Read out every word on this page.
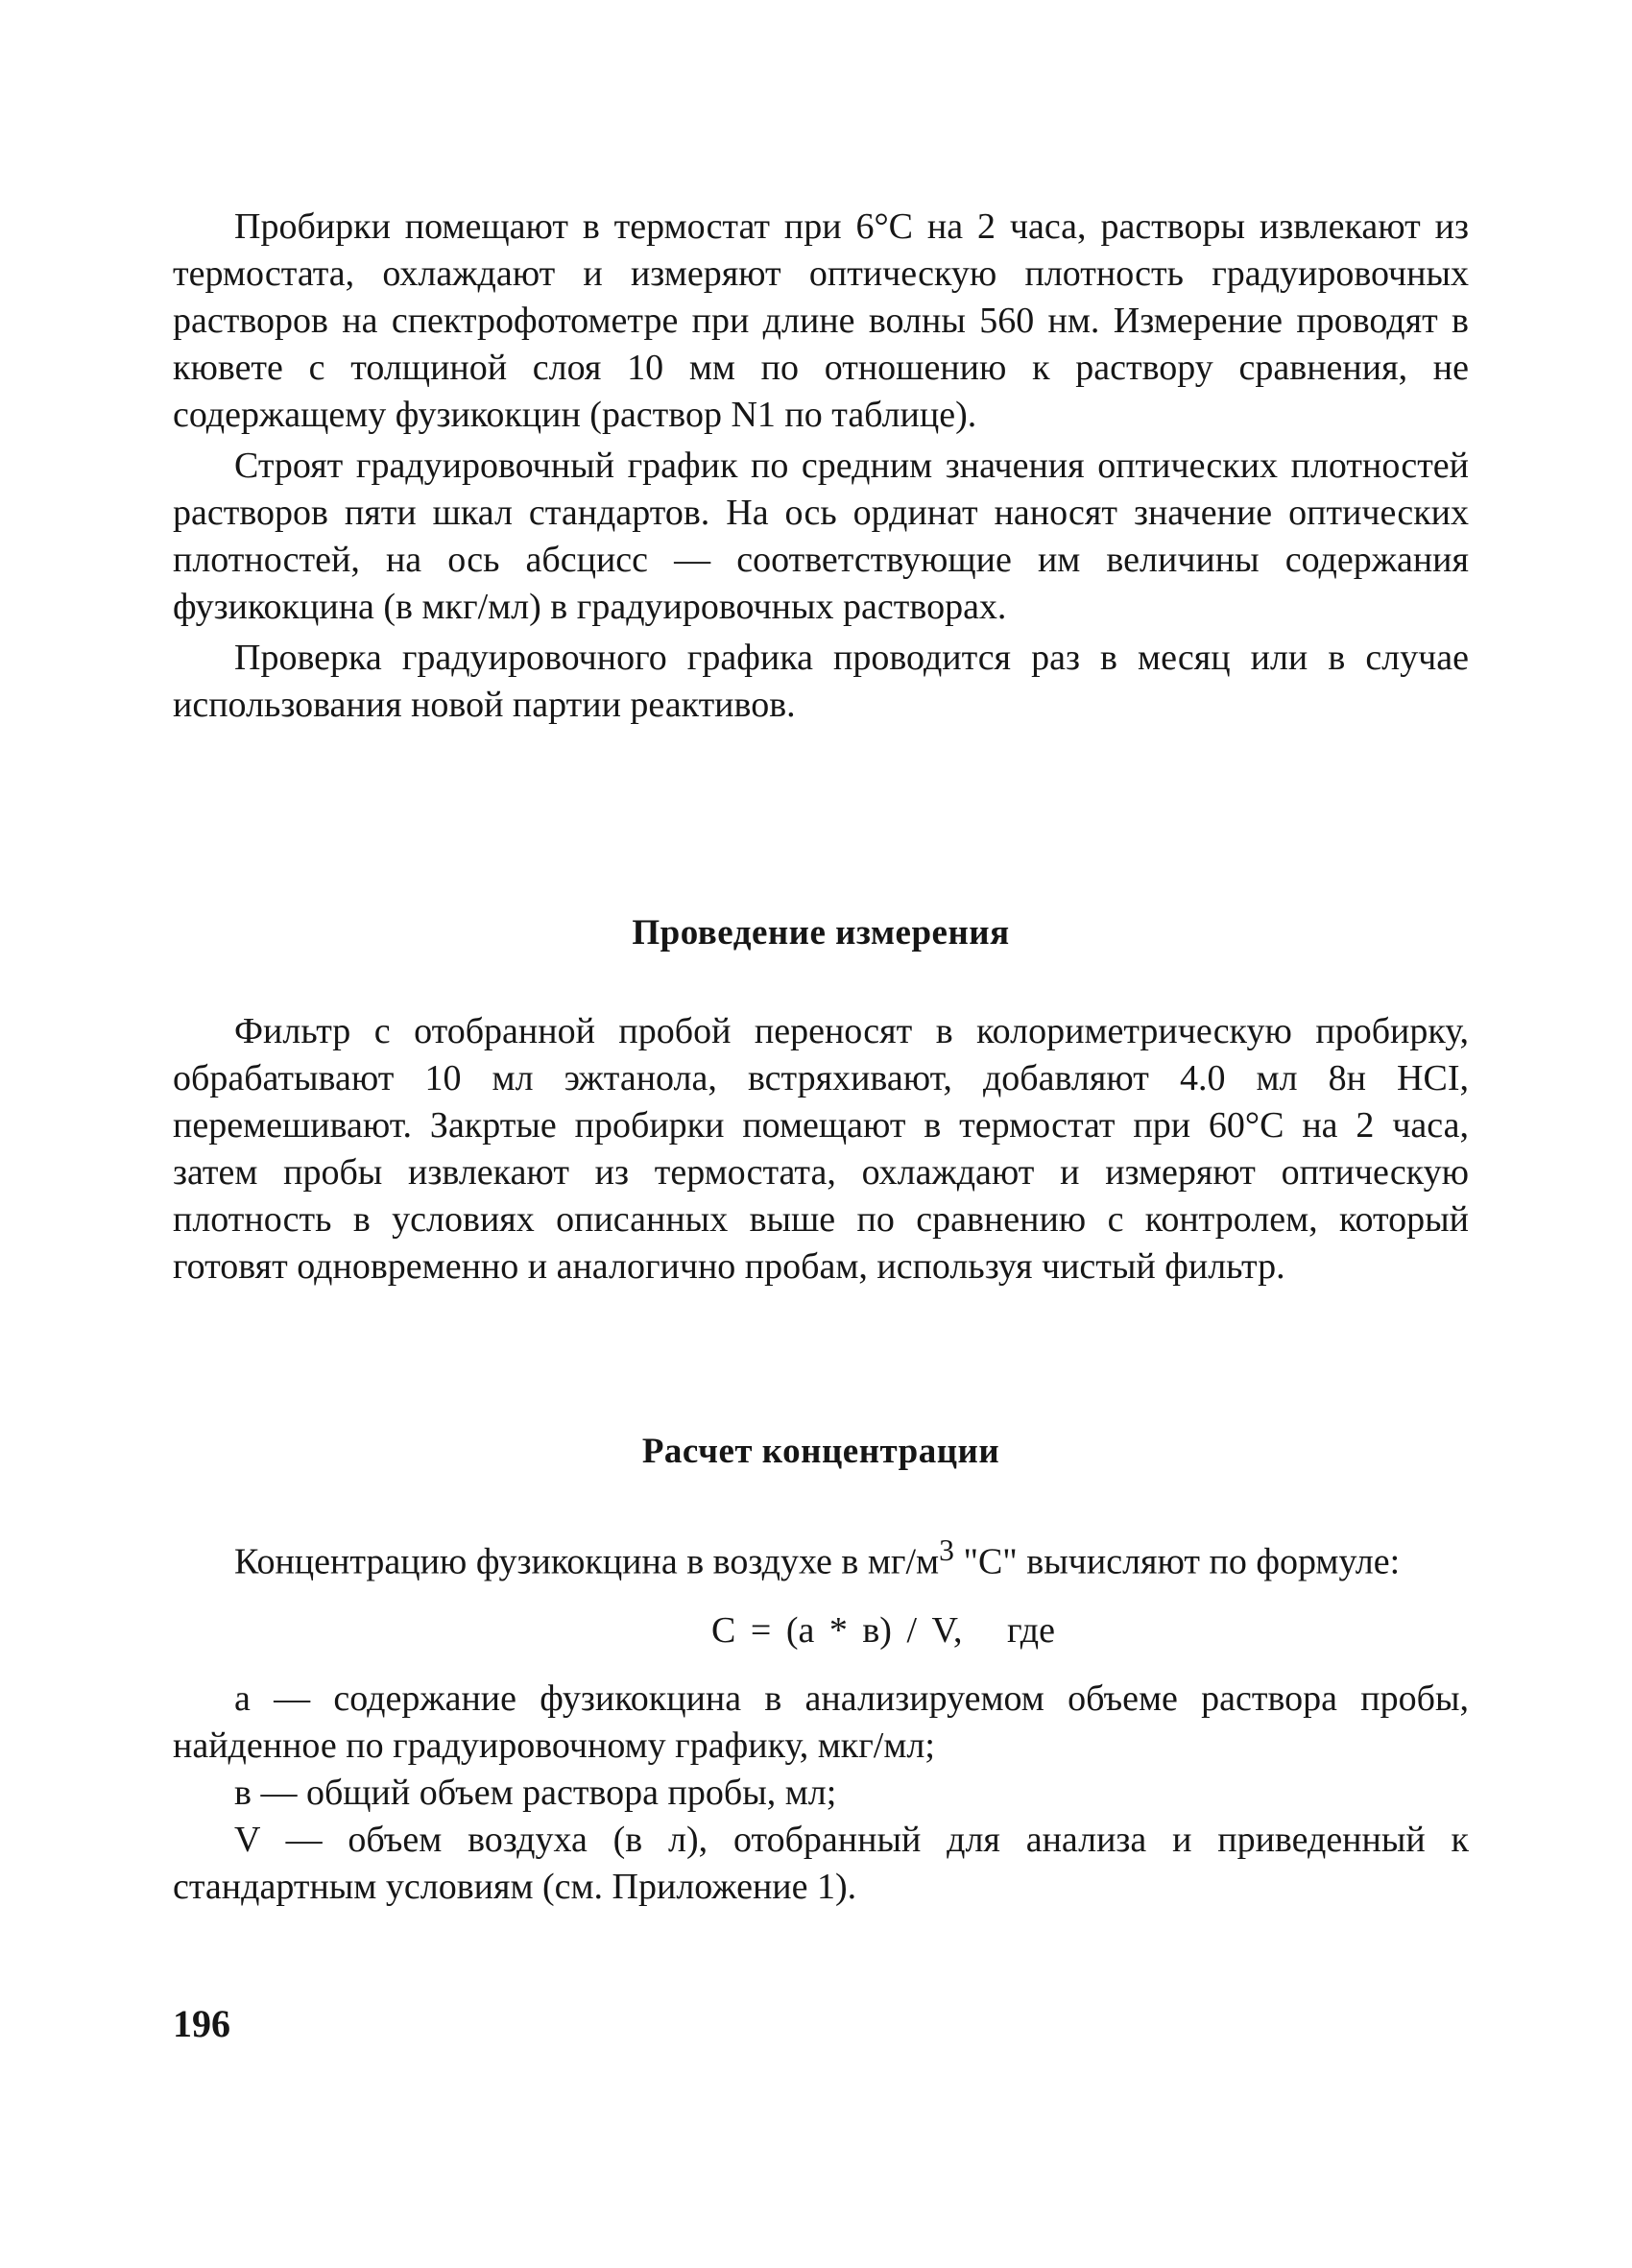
Пробирки помещают в термостат при 6°С на 2 часа, растворы извлекают из термостата, охлаждают и измеряют оптическую плотность градуировочных растворов на спектрофотометре при длине волны 560 нм. Измерение проводят в кювете с толщиной слоя 10 мм по отношению к раствору сравнения, не содержащему фузикокцин (раствор N1 по таблице).

Строят градуировочный график по средним значения оптических плотностей растворов пяти шкал стандартов. На ось ординат наносят значение оптических плотностей, на ось абсцисс — соответствующие им величины содержания фузикокцина (в мкг/мл) в градуировочных растворах.

Проверка градуировочного графика проводится раз в месяц или в случае использования новой партии реактивов.

Проведение измерения

Фильтр с отобранной пробой переносят в колориметрическую пробирку, обрабатывают 10 мл эжтанола, встряхивают, добавляют 4.0 мл 8н HCI, перемешивают. Закртые пробирки помещают в термостат при 60°С на 2 часа, затем пробы извлекают из термостата, охлаждают и измеряют оптическую плотность в условиях описанных выше по сравнению с контролем, который готовят одновременно и аналогично пробам, используя чистый фильтр.

Расчет концентрации

Концентрацию фузикокцина в воздухе в $мг/м^3$ "С" вычисляют по формуле:

С = (а * в) / V, где

а — содержание фузикокцина в анализируемом объеме раствора пробы, найденное по градуировочному графику, мкг/мл;

в — общий объем раствора пробы, мл;

V — объем воздуха (в л), отобранный для анализа и приведенный к стандартным условиям (см. Приложение 1).

196
